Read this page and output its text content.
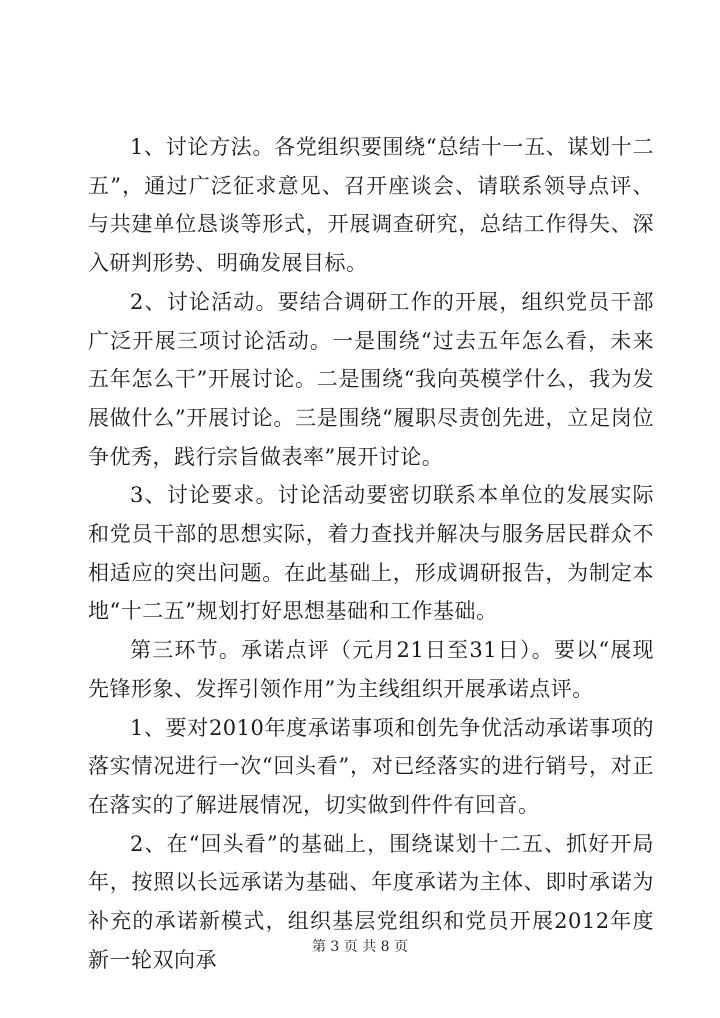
1、讨论方法。各党组织要围绕“总结十一五、谋划十二五”，通过广泛征求意见、召开座谈会、请联系领导点评、与共建单位恳谈等形式，开展调查研究，总结工作得失、深入研判形势、明确发展目标。

2、讨论活动。要结合调研工作的开展，组织党员干部广泛开展三项讨论活动。一是围绕“过去五年怎么看，未来五年怎么干”开展讨论。二是围绕“我向英模学什么，我为发展做什么”开展讨论。三是围绕“履职尽责创先进，立足岗位争优秀，践行宗旨做表率”展开讨论。

3、讨论要求。讨论活动要密切联系本单位的发展实际和党员干部的思想实际，着力查找并解决与服务居民群众不相适应的突出问题。在此基础上，形成调研报告，为制定本地“十二五”规划打好思想基础和工作基础。

第三环节。承诺点评（元月21日至31日）。要以“展现先锋形象、发挥引领作用”为主线组织开展承诺点评。

1、要对2010年度承诺事项和创先争优活动承诺事项的落实情况进行一次“回头看”，对已经落实的进行销号，对正在落实的了解进展情况，切实做到件件有回音。

2、在“回头看”的基础上，围绕谋划十二五、抓好开局年，按照以长远承诺为基础、年度承诺为主体、即时承诺为补充的承诺新模式，组织基层党组织和党员开展2012年度新一轮双向承

第 3 页 共 8 页
